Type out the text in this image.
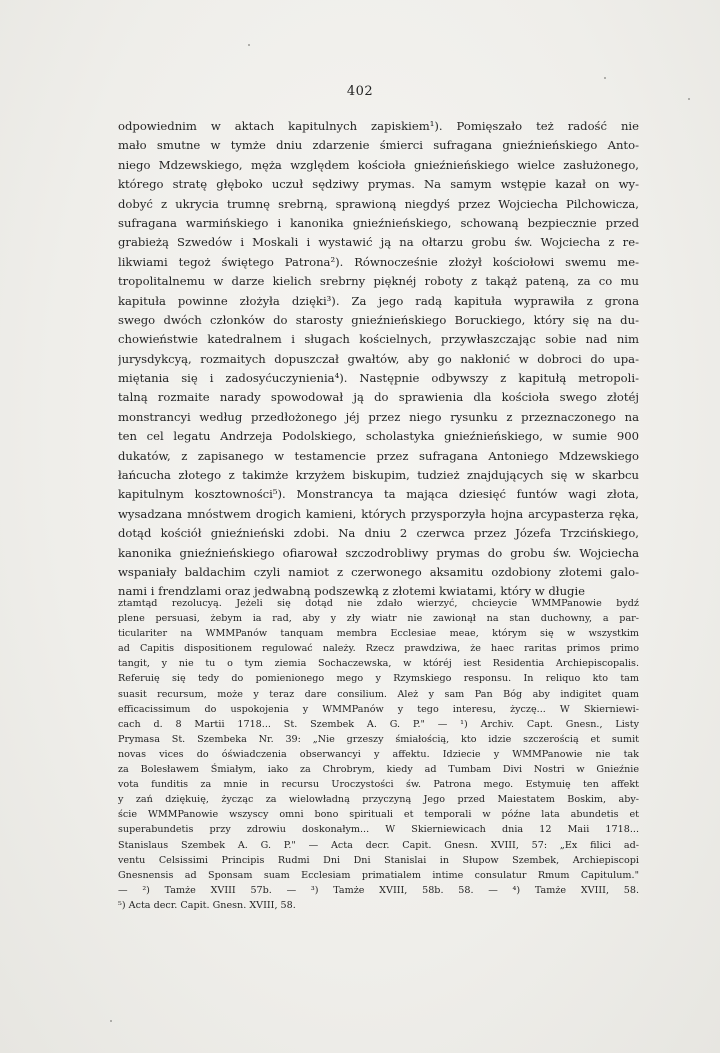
402
odpowiednim w aktach kapitulnych zapiskiem¹). Pomięszało też radość nie
mało smutne w tymże dniu zdarzenie śmierci sufragana gnieźnieńskiego Anto-
niego Mdzewskiego, męża względem kościoła gnieźnieńskiego wielce zasłużonego,
którego stratę głęboko uczuł sędziwy prymas. Na samym wstępie kazał on wy-
dobyć z ukrycia trumnę srebrną, sprawioną niegdyś przez Wojciecha Pilchowicza,
sufragana warmińskiego i kanonika gnieźnieńskiego, schowaną bezpiecznie przed
grabieżą Szwedów i Moskali i wystawić ją na ołtarzu grobu św. Wojciecha z re-
likwiami tegoż świętego Patrona²). Równocześnie złożył kościołowi swemu me-
tropolitalnemu w darze kielich srebrny pięknéj roboty z takąż pateną, za co mu
kapituła powinne złożyła dzięki³). Za jego radą kapituła wyprawiła z grona
swego dwóch członków do starosty gnieźnieńskiego Boruckiego, który się na du-
chowieństwie katedralnem i sługach kościelnych, przywłaszczając sobie nad nim
jurysdykcyą, rozmaitych dopuszczał gwałtów, aby go nakłonić w dobroci do upa-
miętania się i zadosyćuczynienia⁴). Następnie odbywszy z kapitułą metropoli-
talną rozmaite narady spowodował ją do sprawienia dla kościoła swego złotéj
monstrancyi według przedłożonego jéj przez niego rysunku z przeznaczonego na
ten cel legatu Andrzeja Podolskiego, scholastyka gnieźnieńskiego, w sumie 900
dukatów, z zapisanego w testamencie przez sufragana Antoniego Mdzewskiego
łańcucha złotego z takimże krzyżem biskupim, tudzież znajdujących się w skarbcu
kapitulnym kosztowności⁵). Monstrancya ta mająca dziesięć funtów wagi złota,
wysadzana mnóstwem drogich kamieni, których przysporzyła hojna arcypasterza ręka,
dotąd kościół gnieźnieński zdobi. Na dniu 2 czerwca przez Józefa Trzcińskiego,
kanonika gnieźnieńskiego ofiarował szczodrobliwy prymas do grobu św. Wojciecha
wspaniały baldachim czyli namiot z czerwonego aksamitu ozdobiony złotemi galo-
nami i frendzlami oraz jedwabną podszewką z złotemi kwiatami, który w długie
ztamtąd rezolucyą. Jeżeli się dotąd nie zdało wierzyć, chcieycie WMMPanowie bydź
plene persuasi, żebym ia rad, aby y zły wiatr nie zawionął na stan duchowny, a par-
ticulariter na WMMPanów tanquam membra Ecclesiae meae, którym się w wszystkim
ad Capitis dispositionem regulować należy. Rzecz prawdziwa, że haec raritas primos primo
tangit, y nie tu o tym ziemia Sochaczewska, w któréj iest Residentia Archiepiscopalis.
Referuię się tedy do pomienionego mego y Rzymskiego responsu. In reliquo kto tam
suasit recursum, może y teraz dare consilium. Ależ y sam Pan Bóg aby indigitet quam
efficacissimum do uspokojenia y WMMPanów y tego interesu, życzę... W Skierniewi-
cach d. 8 Martii 1718... St. Szembek A. G. P." — ¹) Archiv. Capt. Gnesn., Listy
Prymasa St. Szembeka Nr. 39: „Nie grzeszy śmiałością, kto idzie szczerością et sumit
novas vices do óświadczenia obserwancyi y affektu. Idziecie y WMMPanowie nie tak
za Bolesławem Śmiałym, iako za Chrobrym, kiedy ad Tumbam Divi Nostri w Gnieźnie
vota funditis za mnie in recursu Uroczystości św. Patrona mego. Estymuię ten affekt
y zań dziękuię, życząc za wielowładną przyczyną Jego przed Maiestatem Boskim, aby-
ście WMMPanowie wszyscy omni bono spirituali et temporali w późne lata abundetis et
superabundetis przy zdrowiu doskonałym... W Skierniewicach dnia 12 Maii 1718...
Stanislaus Szembek A. G. P." — Acta decr. Capit. Gnesn. XVIII, 57: „Ex filici ad-
ventu Celsissimi Principis Rudmi Dni Dni Stanislai in Słupow Szembek, Archiepiscopi
Gnesnensis ad Sponsam suam Ecclesiam primatialem intime consulatur Rmum Capitulum."
— ²) Tamże XVIII 57b. — ³) Tamże XVIII, 58b. 58. — ⁴) Tamże XVIII, 58.
⁵) Acta decr. Capit. Gnesn. XVIII, 58.
